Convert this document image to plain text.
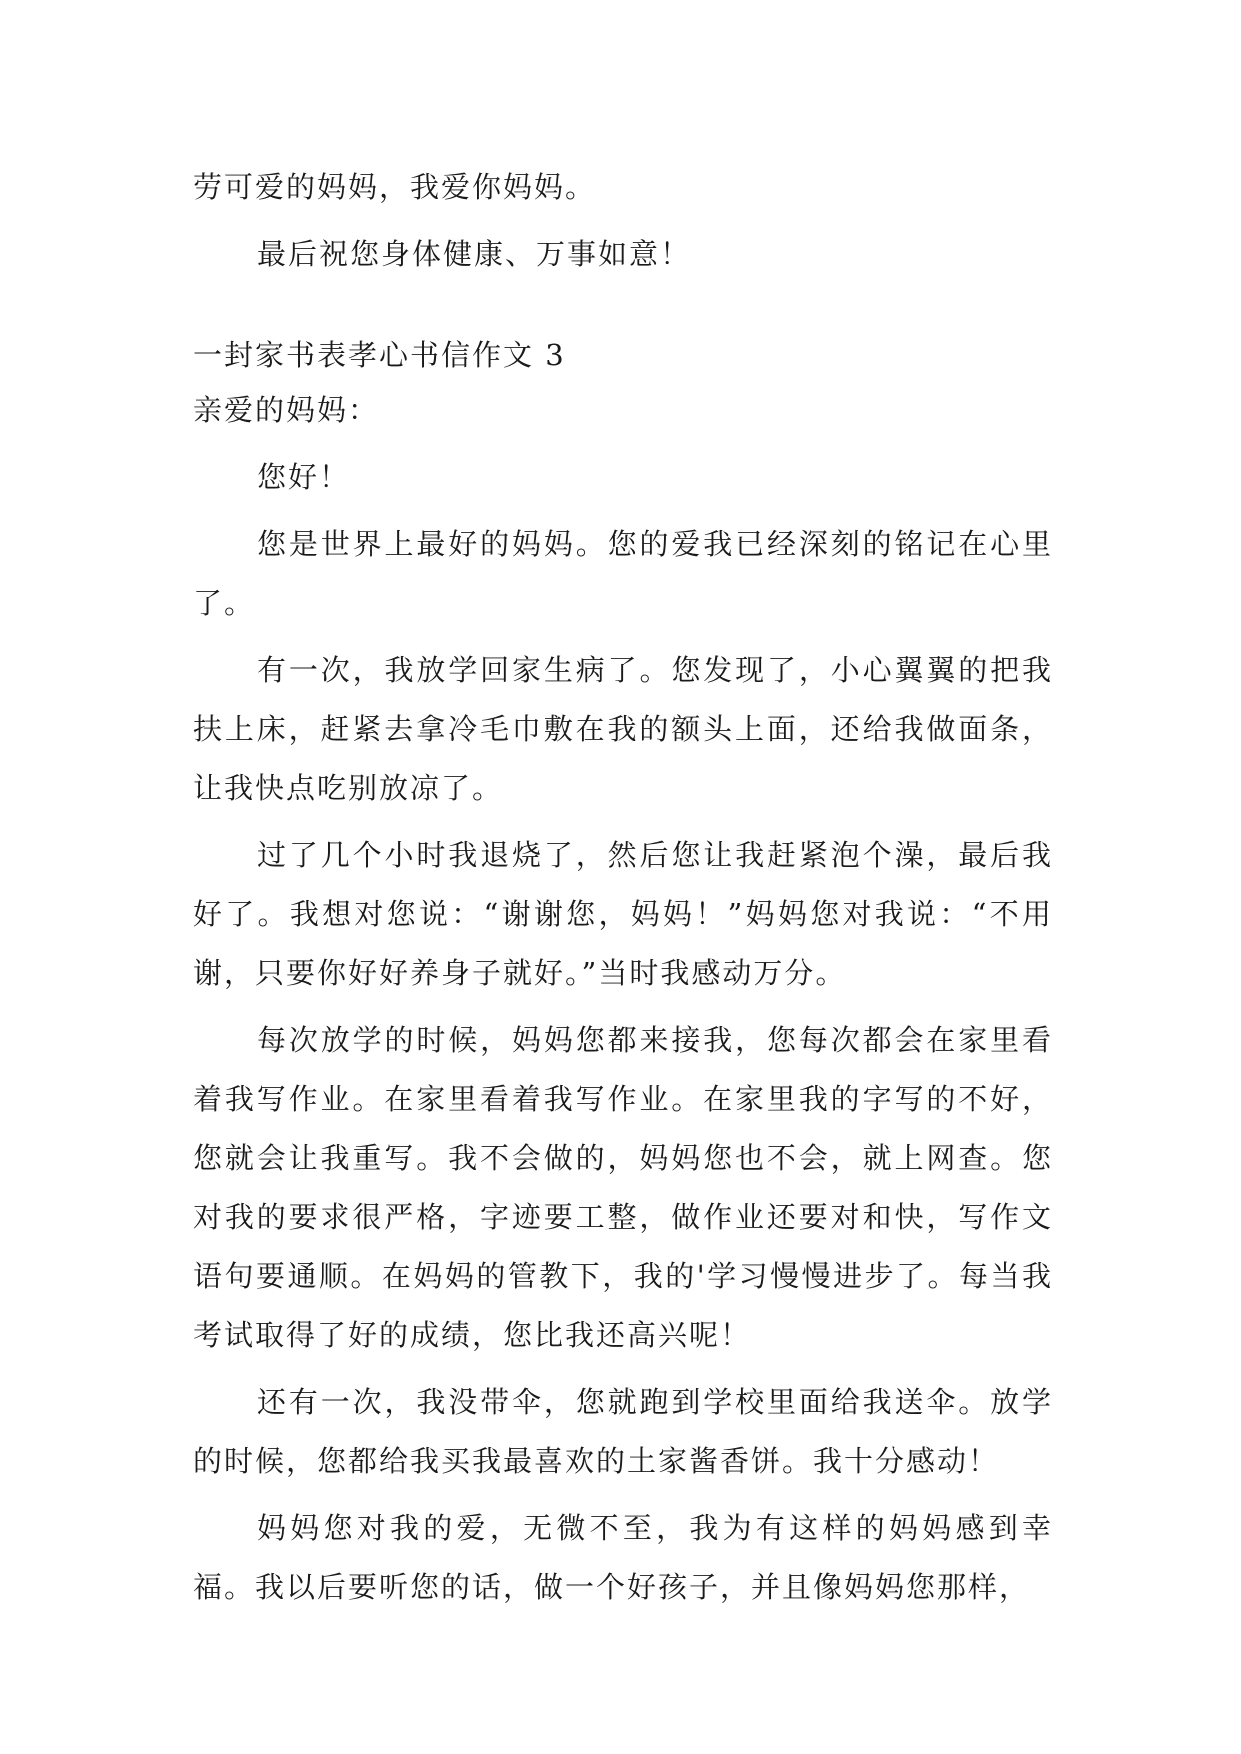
劳可爱的妈妈，我爱你妈妈。
最后祝您身体健康、万事如意！
一封家书表孝心书信作文 3
亲爱的妈妈：
您好！

您是世界上最好的妈妈。您的爱我已经深刻的铭记在心里了。

有一次，我放学回家生病了。您发现了，小心翼翼的把我扶上床，赶紧去拿冷毛巾敷在我的额头上面，还给我做面条，让我快点吃别放凉了。

过了几个小时我退烧了，然后您让我赶紧泡个澡，最后我好了。我想对您说：“谢谢您，妈妈！”妈妈您对我说：“不用谢，只要你好好养身子就好。”当时我感动万分。

每次放学的时候，妈妈您都来接我，您每次都会在家里看着我写作业。在家里看着我写作业。在家里我的字写的不好，您就会让我重写。我不会做的，妈妈您也不会，就上网查。您对我的要求很严格，字迹要工整，做作业还要对和快，写作文语句要通顺。在妈妈的管教下，我的'学习慢慢进步了。每当我考试取得了好的成绩，您比我还高兴呢！

还有一次，我没带伞，您就跑到学校里面给我送伞。放学的时候，您都给我买我最喜欢的土家酱香饼。我十分感动！

妈妈您对我的爱，无微不至，我为有这样的妈妈感到幸福。我以后要听您的话，做一个好孩子，并且像妈妈您那样，
